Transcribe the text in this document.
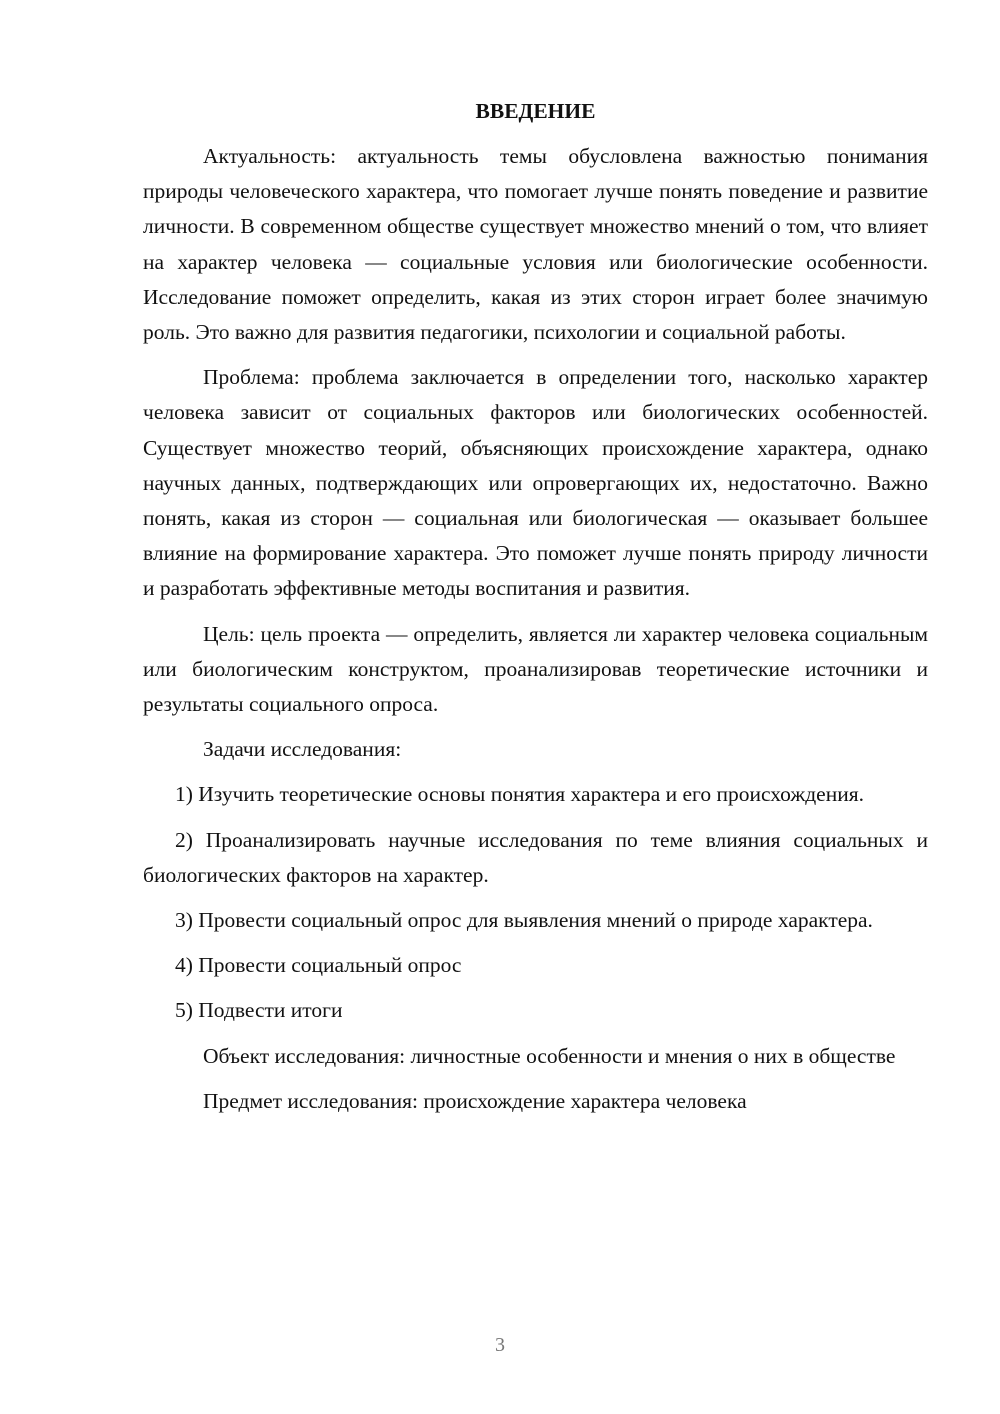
ВВЕДЕНИЕ

Актуальность: актуальность темы обусловлена важностью понимания природы человеческого характера, что помогает лучше понять поведение и развитие личности. В современном обществе существует множество мнений о том, что влияет на характер человека — социальные условия или биологические особенности. Исследование поможет определить, какая из этих сторон играет более значимую роль. Это важно для развития педагогики, психологии и социальной работы.

Проблема: проблема заключается в определении того, насколько характер человека зависит от социальных факторов или биологических особенностей. Существует множество теорий, объясняющих происхождение характера, однако научных данных, подтверждающих или опровергающих их, недостаточно. Важно понять, какая из сторон — социальная или биологическая — оказывает большее влияние на формирование характера. Это поможет лучше понять природу личности и разработать эффективные методы воспитания и развития.

Цель: цель проекта — определить, является ли характер человека социальным или биологическим конструктом, проанализировав теоретические источники и результаты социального опроса.

Задачи исследования:

1) Изучить теоретические основы понятия характера и его происхождения.

2) Проанализировать научные исследования по теме влияния социальных и биологических факторов на характер.

3) Провести социальный опрос для выявления мнений о природе характера.

4) Провести социальный опрос

5) Подвести итоги

Объект исследования: личностные особенности и мнения о них в обществе

Предмет исследования: происхождение характера человека

3
